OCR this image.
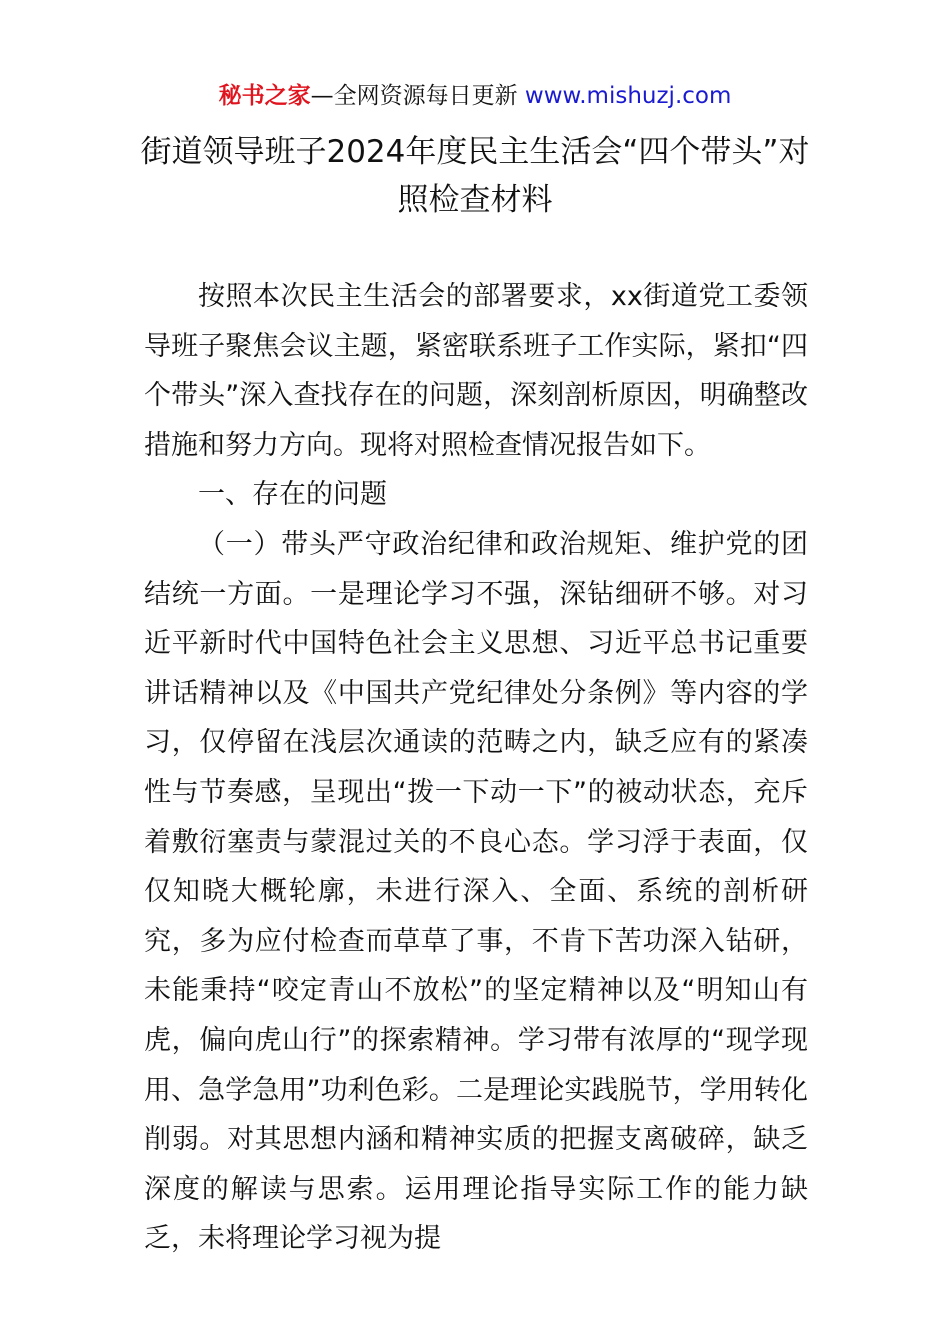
秘书之家—全网资源每日更新 www.mishuzj.com
街道领导班子2024年度民主生活会“四个带头”对照检查材料

按照本次民主生活会的部署要求，xx街道党工委领导班子聚焦会议主题，紧密联系班子工作实际，紧扣“四个带头”深入查找存在的问题，深刻剖析原因，明确整改措施和努力方向。现将对照检查情况报告如下。

一、存在的问题

（一）带头严守政治纪律和政治规矩、维护党的团结统一方面。一是理论学习不强，深钻细研不够。对习近平新时代中国特色社会主义思想、习近平总书记重要讲话精神以及《中国共产党纪律处分条例》等内容的学习，仅停留在浅层次通读的范畴之内，缺乏应有的紧凑性与节奏感，呈现出“拨一下动一下”的被动状态，充斥着敷衍塞责与蒙混过关的不良心态。学习浮于表面，仅仅知晓大概轮廓，未进行深入、全面、系统的剖析研究，多为应付检查而草草了事，不肯下苦功深入钻研，未能秉持“咬定青山不放松”的坚定精神以及“明知山有虎，偏向虎山行”的探索精神。学习带有浓厚的“现学现用、急学急用”功利色彩。二是理论实践脱节，学用转化削弱。对其思想内涵和精神实质的把握支离破碎，缺乏深度的解读与思索。运用理论指导实际工作的能力缺乏，未将理论学习视为提
